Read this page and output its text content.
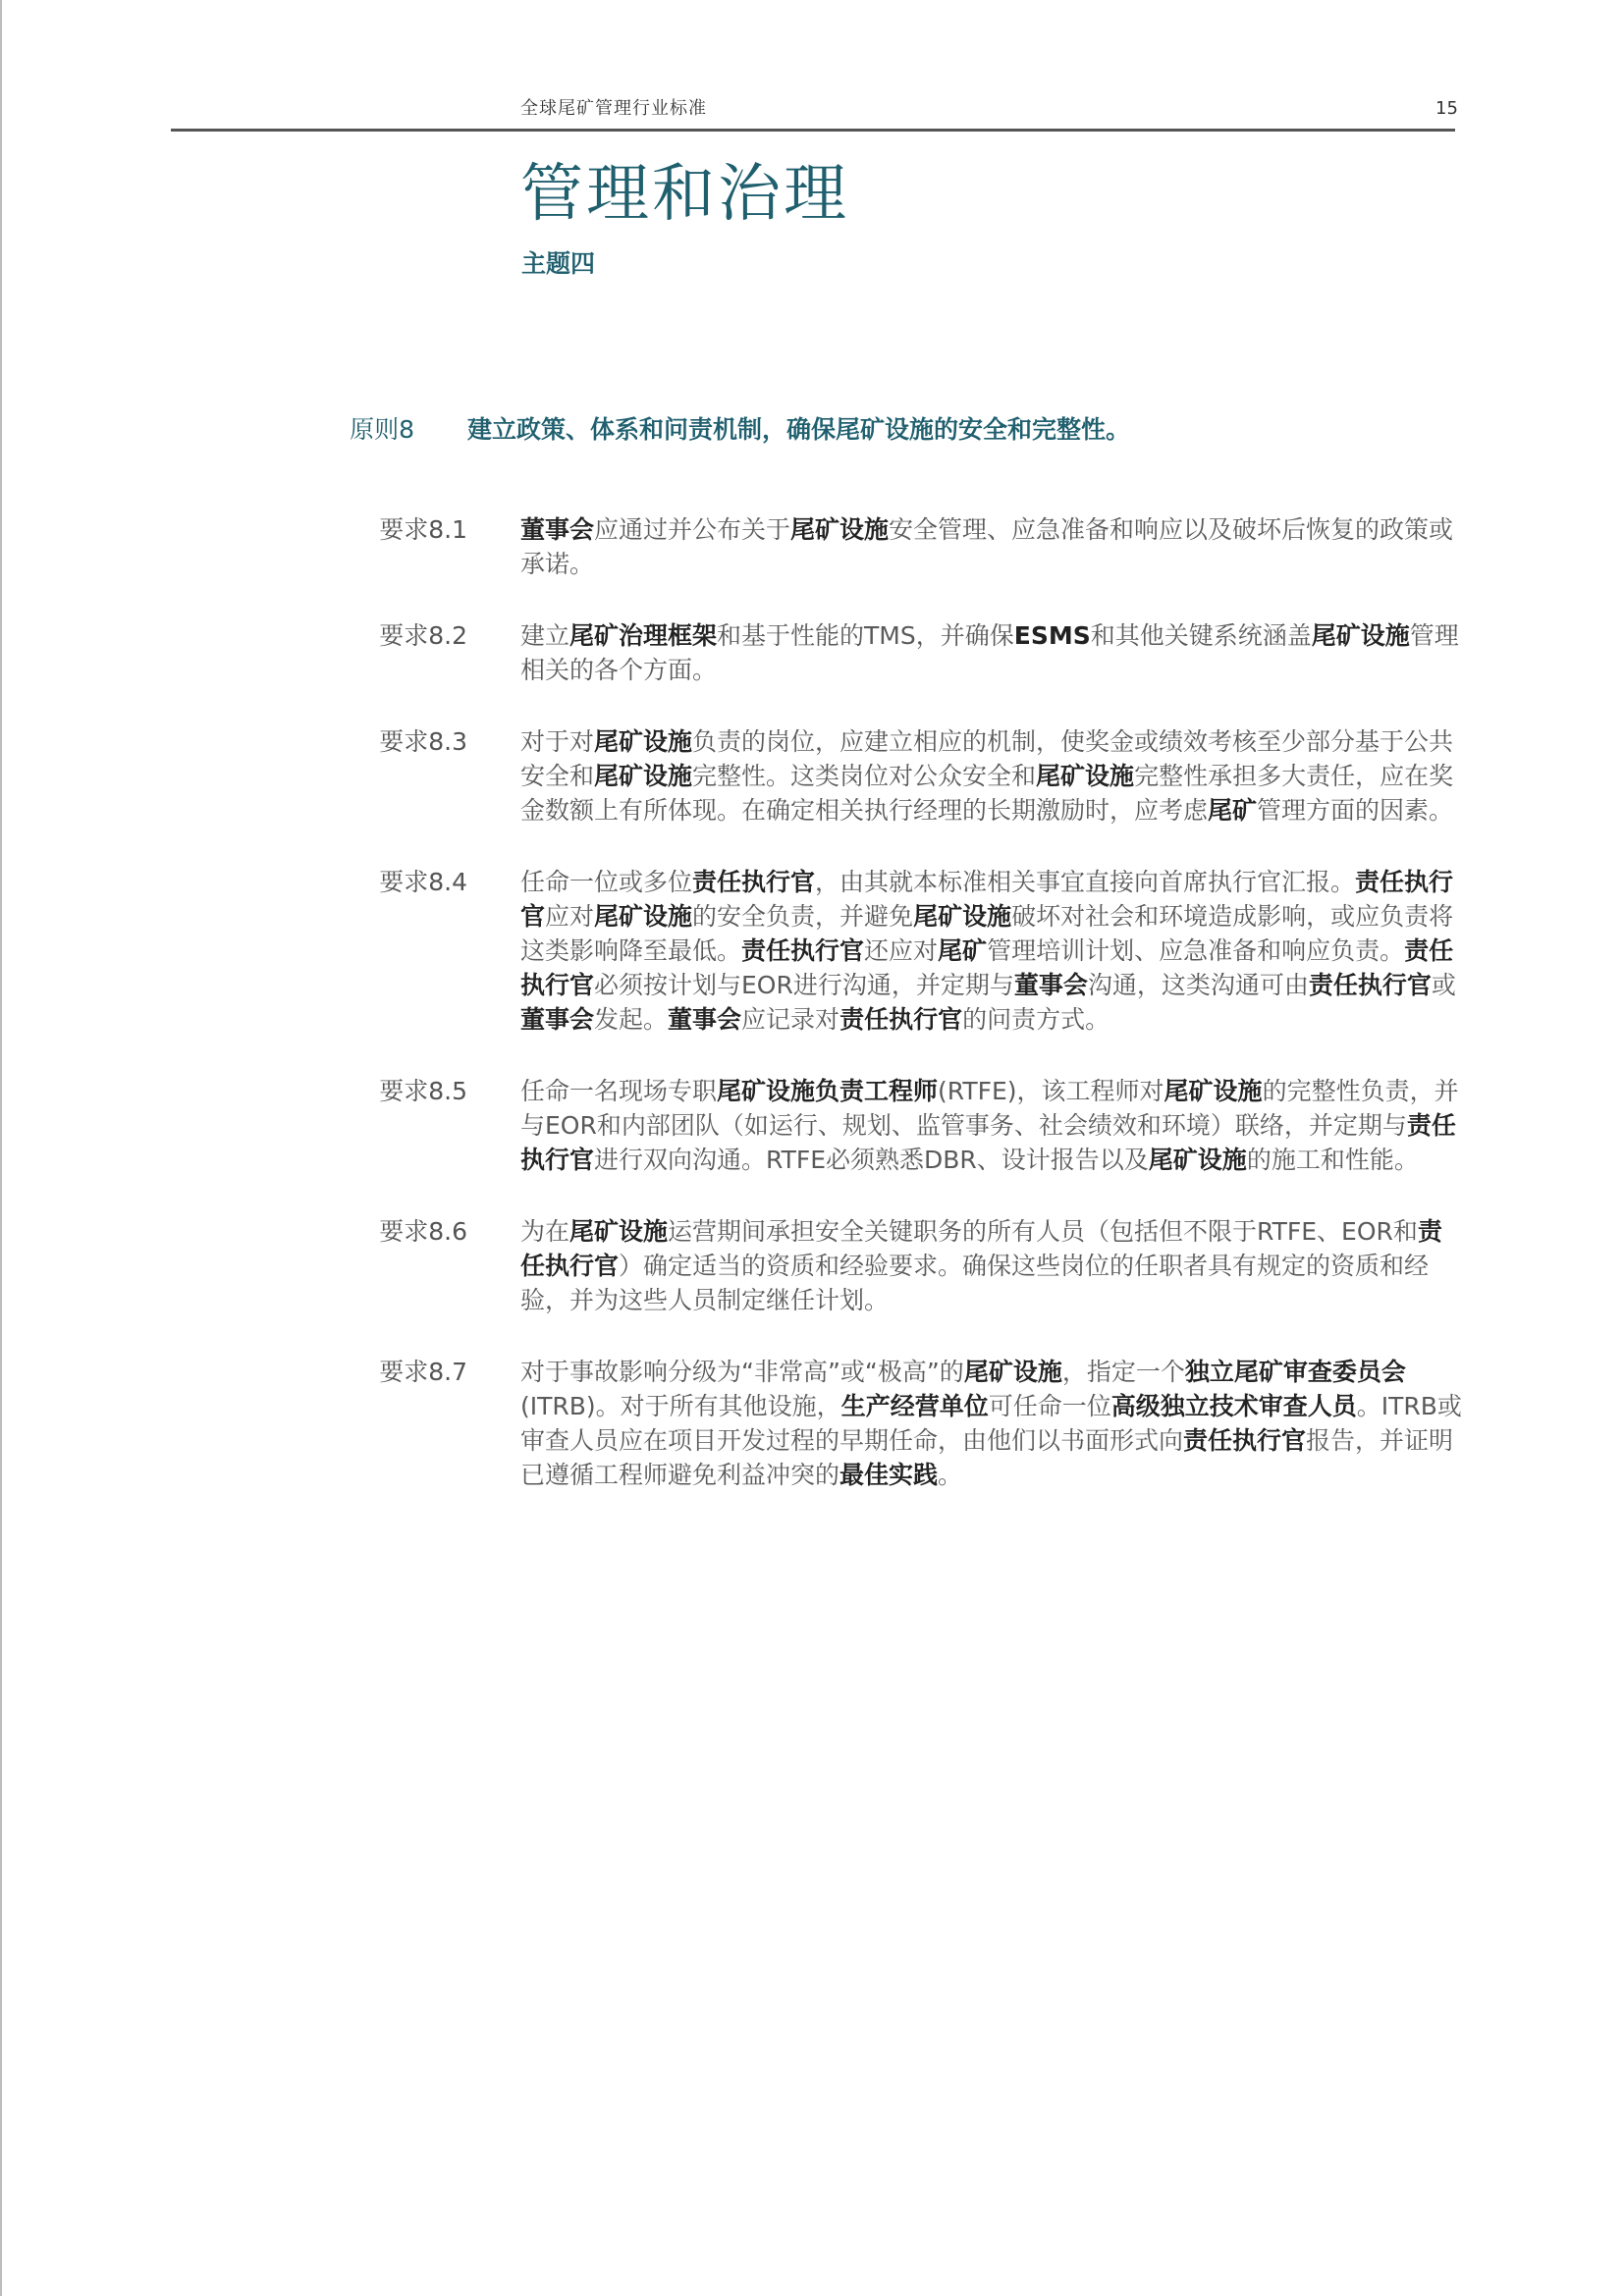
全球尾矿管理行业标准	15
管理和治理
主题四
原则8	建立政策、体系和问责机制，确保尾矿设施的安全和完整性。
要求8.1	董事会应通过并公布关于尾矿设施安全管理、应急准备和响应以及破坏后恢复的政策或承诺。
要求8.2	建立尾矿治理框架和基于性能的TMS，并确保ESMS和其他关键系统涵盖尾矿设施管理相关的各个方面。
要求8.3	对于对尾矿设施负责的岗位，应建立相应的机制，使奖金或绩效考核至少部分基于公共安全和尾矿设施完整性。这类岗位对公众安全和尾矿设施完整性承担多大责任，应在奖金数额上有所体现。在确定相关执行经理的长期激励时，应考虑尾矿管理方面的因素。
要求8.4	任命一位或多位责任执行官，由其就本标准相关事宜直接向首席执行官汇报。责任执行官应对尾矿设施的安全负责，并避免尾矿设施破坏对社会和环境造成影响，或应负责将这类影响降至最低。责任执行官还应对尾矿管理培训计划、应急准备和响应负责。责任执行官必须按计划与EOR进行沟通，并定期与董事会沟通，这类沟通可由责任执行官或董事会发起。董事会应记录对责任执行官的问责方式。
要求8.5	任命一名现场专职尾矿设施负责工程师(RTFE)，该工程师对尾矿设施的完整性负责，并与EOR和内部团队（如运行、规划、监管事务、社会绩效和环境）联络，并定期与责任执行官进行双向沟通。RTFE必须熟悉DBR、设计报告以及尾矿设施的施工和性能。
要求8.6	为在尾矿设施运营期间承担安全关键职务的所有人员（包括但不限于RTFE、EOR和责任执行官）确定适当的资质和经验要求。确保这些岗位的任职者具有规定的资质和经验，并为这些人员制定继任计划。
要求8.7	对于事故影响分级为“非常高”或“极高”的尾矿设施，指定一个独立尾矿审查委员会(ITRB)。对于所有其他设施，生产经营单位可任命一位高级独立技术审查人员。ITRB或审查人员应在项目开发过程的早期任命，由他们以书面形式向责任执行官报告，并证明已遵循工程师避免利益冲突的最佳实践。
